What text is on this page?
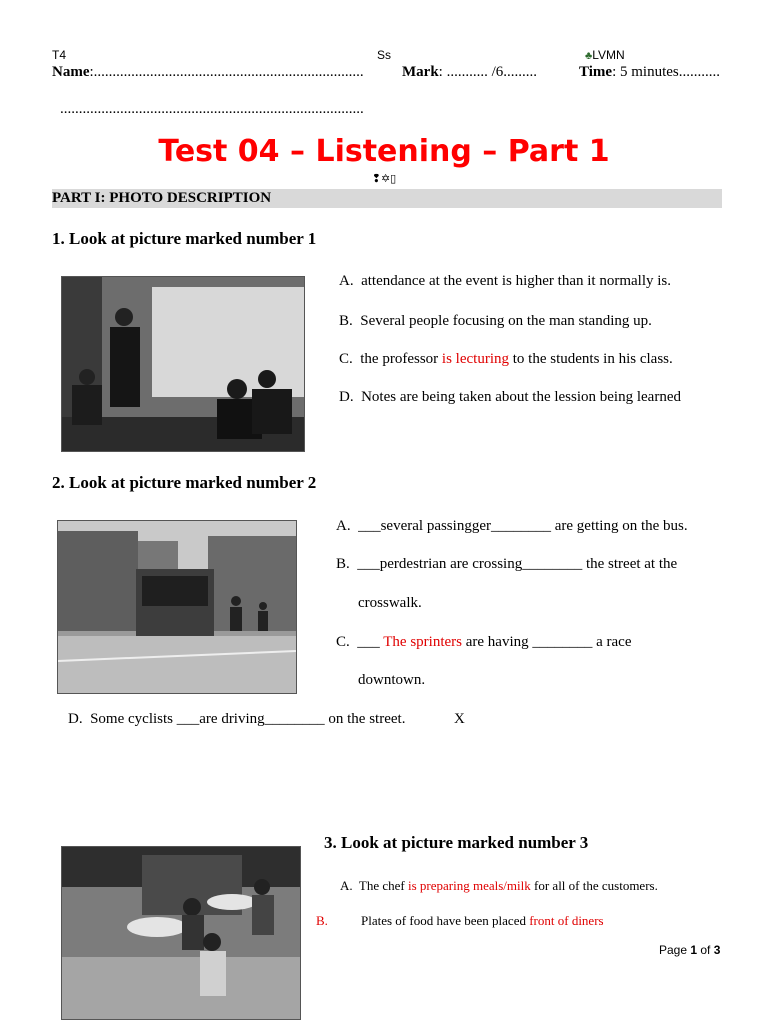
T4	Ss	♣LVMN
Name:........................................................................	Mark: ........... /6.........	Time: 5 minutes...........
.................................................................................
Test 04 – Listening – Part 1
❢✡▯
PART I: PHOTO DESCRIPTION
1. Look at picture marked number 1
A. attendance at the event is higher than it normally is.
B. Several people focusing on the man standing up.
C. the professor is lecturing to the students in his class.
D. Notes are being taken about the lession being learned
2. Look at picture marked number 2
A. ___several passingger________ are getting on the bus.
B. ___perdestrian are crossing________ the street at the
crosswalk.
C. ___ The sprinters are having ________ a race
downtown.
D. Some cyclists ___are driving________ on the street.	X
3. Look at picture marked number 3
A. The chef is preparing meals/milk for all of the customers.
B.	Plates of food have been placed front of diners
Page 1 of 3
